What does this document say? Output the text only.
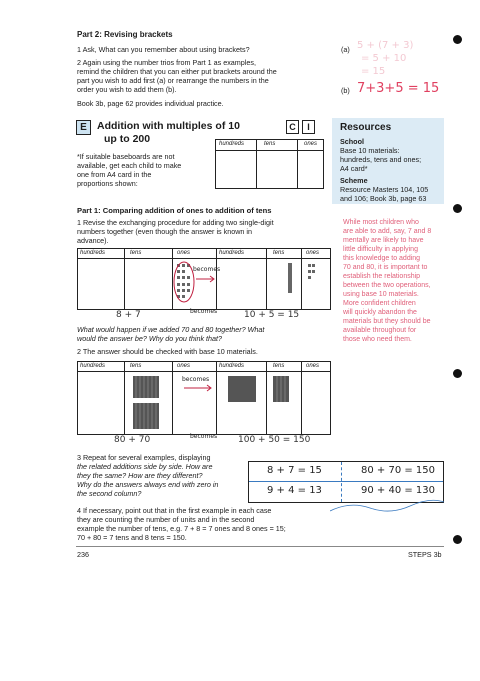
Part 2: Revising brackets
1 Ask, What can you remember about using brackets?
2 Again using the number trios from Part 1 as examples,
remind the children that you can either put brackets around the
part you wish to add first (a) or rearrange the numbers in the
order you wish to add them (b).
Book 3b, page 62 provides individual practice.
(a) 5 + (7 + 3)
= 5 + 10
= 15
(b) 7+3+5 = 15
E Addition with multiples of 10
up to 200
C	I
*If suitable baseboards are not
available, get each child to make
one from A4 card in the
proportions shown:
hundreds	tens	ones
Resources
School
Base 10 materials:
hundreds, tens and ones;
A4 card*
Scheme
Resource Masters 104, 105
and 106; Book 3b, page 63
Part 1: Comparing addition of ones to addition of tens
1 Revise the exchanging procedure for adding two single-digit
numbers together (even though the answer is known in
advance).
While most children who
are able to add, say, 7 and 8
mentally are likely to have
little difficulty in applying
this knowledge to adding
70 and 80, it is important to
establish the relationship
between the two operations,
using base 10 materials.
More confident children
will quickly abandon the
materials but they should be
available throughout for
those who need them.
hundreds	tens	ones	hundreds	tens	ones
becomes
8 + 7	becomes	10 + 5 = 15
What would happen if we added 70 and 80 together? What
would the answer be? Why do you think that?
2 The answer should be checked with base 10 materials.
hundreds	tens	ones	hundreds	tens	ones
becomes
80 + 70	becomes 100 + 50 = 150
3 Repeat for several examples, displaying
the related additions side by side. How are
they the same? How are they different?
Why do the answers always end with zero in
the second column?
8 + 7 = 15	80 + 70 = 150
9 + 4 = 13	90 + 40 = 130
4 If necessary, point out that in the first example in each case
they are counting the number of units and in the second
example the number of tens, e.g. 7 + 8 = 7 ones and 8 ones = 15;
70 + 80 = 7 tens and 8 tens = 150.
236	STEPS 3b
